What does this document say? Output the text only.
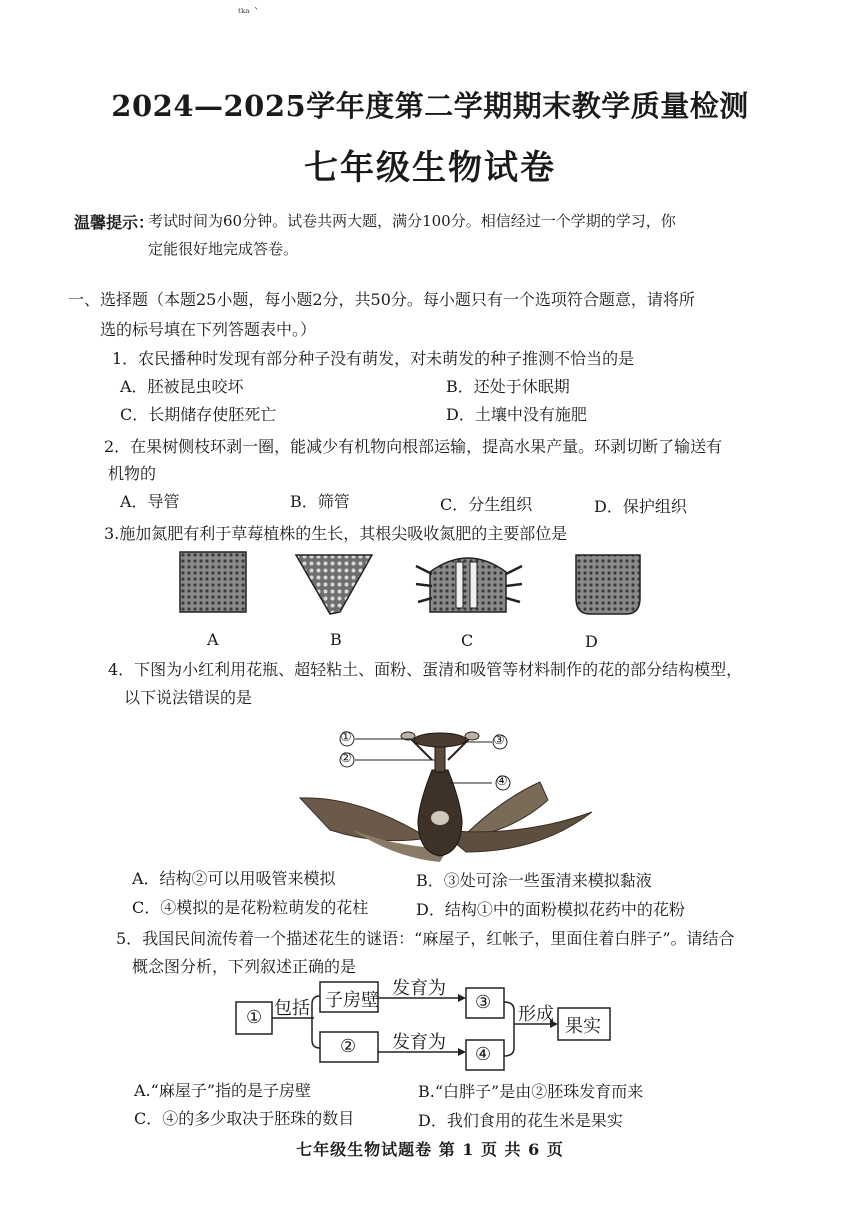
ᵗᵏᵃ ˋ
2024—2025学年度第二学期期末教学质量检测
七年级生物试卷
温馨提示：
考试时间为60分钟。试卷共两大题，满分100分。相信经过一个学期的学习，你
定能很好地完成答卷。
一、选择题（本题25小题，每小题2分，共50分。每小题只有一个选项符合题意，请将所
选的标号填在下列答题表中。）
1．农民播种时发现有部分种子没有萌发，对未萌发的种子推测不恰当的是
A．胚被昆虫咬坏	B．还处于休眠期
C．长期储存使胚死亡	D．土壤中没有施肥
2．在果树侧枝环剥一圈，能减少有机物向根部运输，提高水果产量。环剥切断了输送有
机物的
A．导管	B．筛管	C．分生组织	D．保护组织
3.施加氮肥有利于草莓植株的生长，其根尖吸收氮肥的主要部位是
A	B	C	D
4．下图为小红利用花瓶、超轻粘土、面粉、蛋清和吸管等材料制作的花的部分结构模型，
以下说法错误的是
①
②
③
④
A．结构②可以用吸管来模拟	B．③处可涂一些蛋清来模拟黏液
C．④模拟的是花粉粒萌发的花柱	D．结构①中的面粉模拟花药中的花粉
5．我国民间流传着一个描述花生的谜语：“麻屋子，红帐子，里面住着白胖子”。请结合
概念图分析，下列叙述正确的是
① 包括 子房壁
发育为
③
② 发育为
④
形成
果实
A.“麻屋子”指的是子房壁	B.“白胖子”是由②胚珠发育而来
C．④的多少取决于胚珠的数目	D．我们食用的花生米是果实
七年级生物试题卷 第 1 页 共 6 页
